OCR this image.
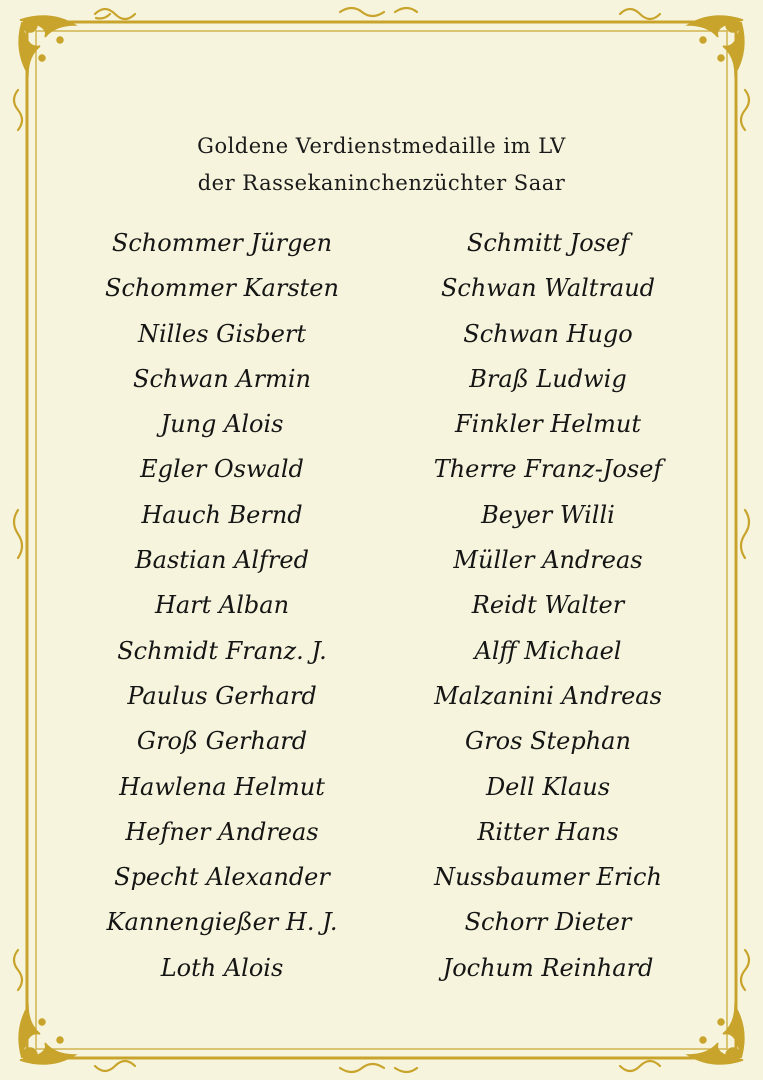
Goldene Verdienstmedaille im LV
der Rassekaninchenzüchter Saar
Schommer Jürgen
Schommer Karsten
Nilles Gisbert
Schwan Armin
Jung Alois
Egler Oswald
Hauch Bernd
Bastian Alfred
Hart Alban
Schmidt Franz. J.
Paulus Gerhard
Groß Gerhard
Hawlena Helmut
Hefner Andreas
Specht Alexander
Kannengießer H. J.
Loth Alois
Schmitt Josef
Schwan Waltraud
Schwan Hugo
Braß Ludwig
Finkler Helmut
Therre Franz-Josef
Beyer Willi
Müller Andreas
Reidt Walter
Alff Michael
Malzanini Andreas
Gros Stephan
Dell Klaus
Ritter Hans
Nussbaumer Erich
Schorr Dieter
Jochum Reinhard
